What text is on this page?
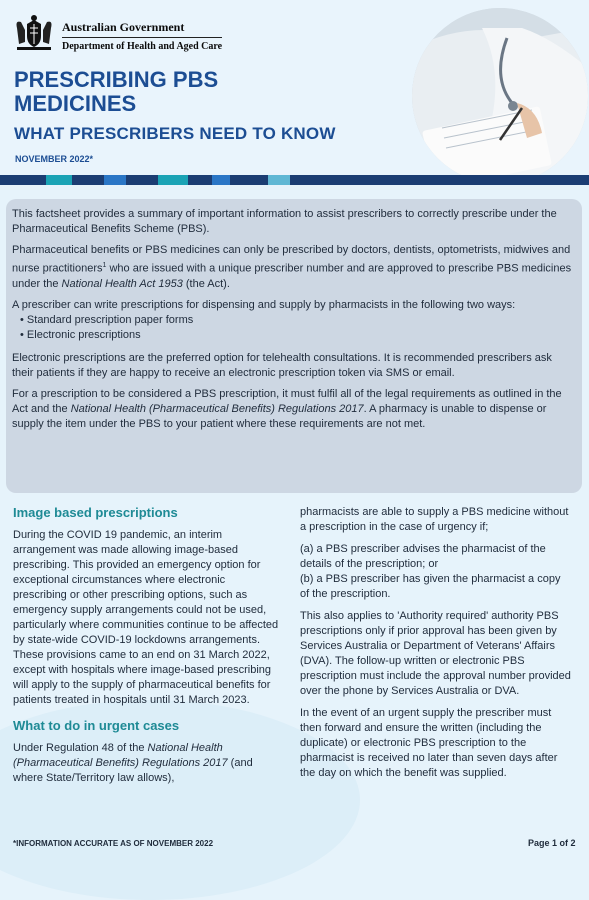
Australian Government
Department of Health and Aged Care
PRESCRIBING PBS MEDICINES
WHAT PRESCRIBERS NEED TO KNOW
NOVEMBER 2022*

This factsheet provides a summary of important information to assist prescribers to correctly prescribe under the Pharmaceutical Benefits Scheme (PBS).

Pharmaceutical benefits or PBS medicines can only be prescribed by doctors, dentists, optometrists, midwives and nurse practitioners$^1$ who are issued with a unique prescriber number and are approved to prescribe PBS medicines under the National Health Act 1953 (the Act).

A prescriber can write prescriptions for dispensing and supply by pharmacists in the following two ways:

• Standard prescription paper forms
• Electronic prescriptions

Electronic prescriptions are the preferred option for telehealth consultations. It is recommended prescribers ask their patients if they are happy to receive an electronic prescription token via SMS or email.

For a prescription to be considered a PBS prescription, it must fulfil all of the legal requirements as outlined in the Act and the National Health (Pharmaceutical Benefits) Regulations 2017. A pharmacy is unable to dispense or supply the item under the PBS to your patient where these requirements are not met.

Image based prescriptions

During the COVID 19 pandemic, an interim arrangement was made allowing image-based prescribing. This provided an emergency option for exceptional circumstances where electronic prescribing or other prescribing options, such as emergency supply arrangements could not be used, particularly where communities continue to be affected by state-wide COVID-19 lockdowns arrangements. These provisions came to an end on 31 March 2022, except with hospitals where image-based prescribing will apply to the supply of pharmaceutical benefits for patients treated in hospitals until 31 March 2023.

What to do in urgent cases

Under Regulation 48 of the National Health (Pharmaceutical Benefits) Regulations 2017 (and where State/Territory law allows),

pharmacists are able to supply a PBS medicine without a prescription in the case of urgency if;

(a) a PBS prescriber advises the pharmacist of the details of the prescription; or
(b) a PBS prescriber has given the pharmacist a copy of the prescription.

This also applies to 'Authority required' authority PBS prescriptions only if prior approval has been given by Services Australia or Department of Veterans' Affairs (DVA). The follow-up written or electronic PBS prescription must include the approval number provided over the phone by Services Australia or DVA.

In the event of an urgent supply the prescriber must then forward and ensure the written (including the duplicate) or electronic PBS prescription to the pharmacist is received no later than seven days after the day on which the benefit was supplied.

*INFORMATION ACCURATE AS OF NOVEMBER 2022	Page 1 of 2
